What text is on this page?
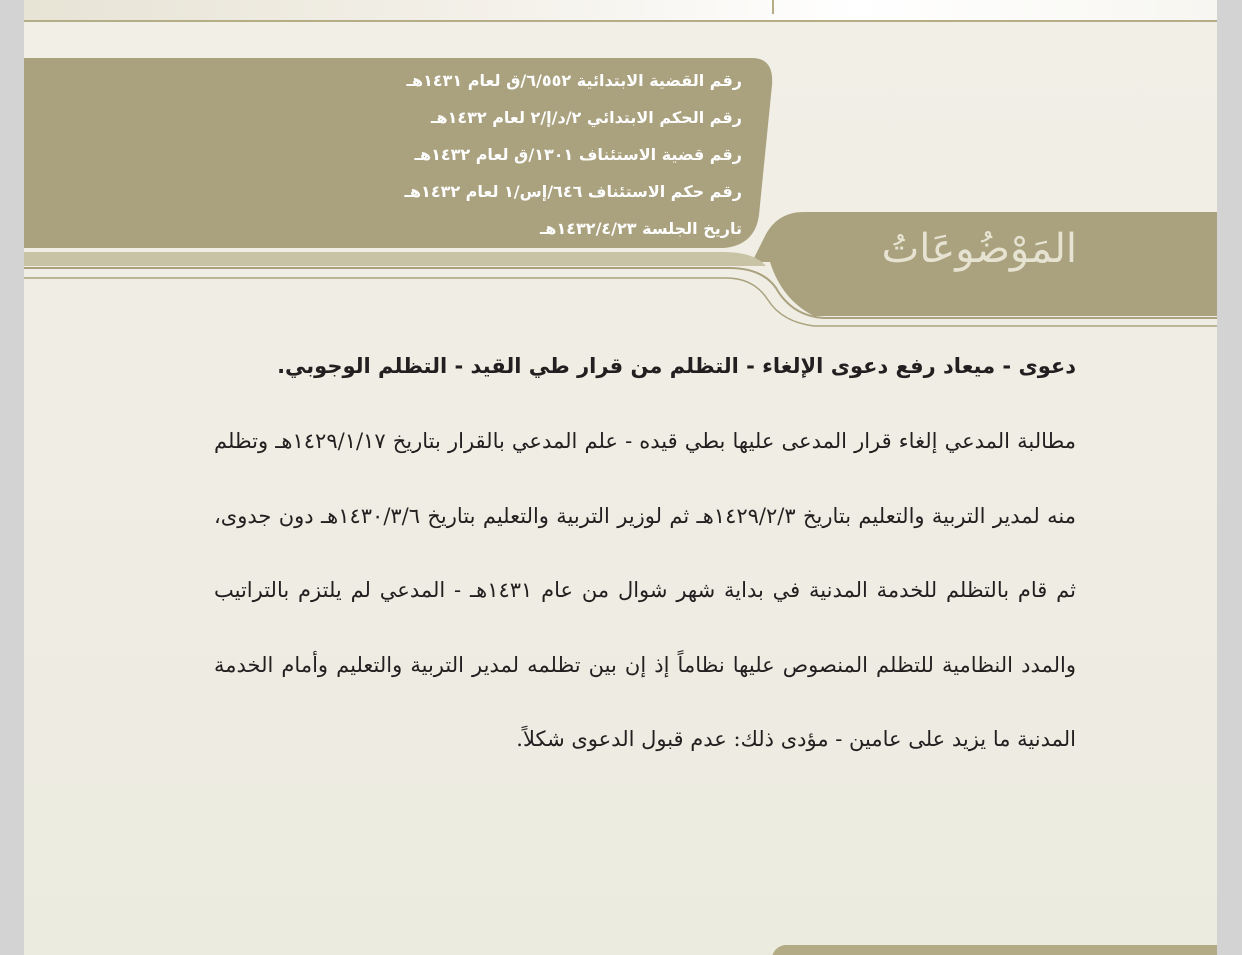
رقم القضية الابتدائية ٦/٥٥٢/ق لعام ١٤٣١هـ
رقم الحكم الابتدائي ٢/د/إ/٢ لعام ١٤٣٢هـ
رقم قضية الاستئناف ١٣٠١/ق لعام ١٤٣٢هـ
رقم حكم الاستئناف ٦٤٦/إس/١ لعام ١٤٣٢هـ
تاريخ الجلسة ١٤٣٢/٤/٢٣هـ	المَوْضُوعَاتُ

دعوى - ميعاد رفع دعوى الإلغاء - التظلم من قرار طي القيد - التظلم الوجوبي.

مطالبة المدعي إلغاء قرار المدعى عليها بطي قيده - علم المدعي بالقرار بتاريخ ١٤٢٩/١/١٧هـ وتظلم منه لمدير التربية والتعليم بتاريخ ١٤٢٩/٢/٣هـ ثم لوزير التربية والتعليم بتاريخ ١٤٣٠/٣/٦هـ دون جدوى، ثم قام بالتظلم للخدمة المدنية في بداية شهر شوال من عام ١٤٣١هـ - المدعي لم يلتزم بالتراتيب والمدد النظامية للتظلم المنصوص عليها نظاماً إذ إن بين تظلمه لمدير التربية والتعليم وأمام الخدمة المدنية ما يزيد على عامين - مؤدى ذلك: عدم قبول الدعوى شكلاً.
